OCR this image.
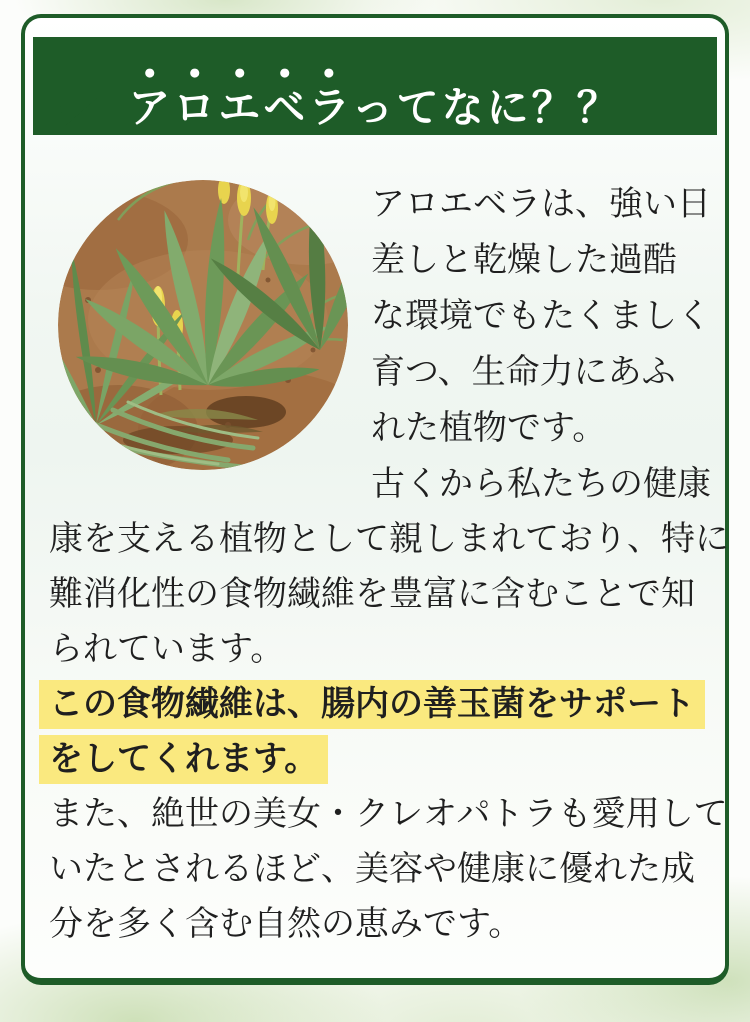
アロエベラってなに？？
アロエベラは、強い日
差しと乾燥した過酷
な環境でもたくましく
育つ、生命力にあふ
れた植物です。
古くから私たちの健康
康を支える植物として親しまれており、特に
難消化性の食物繊維を豊富に含むことで知
られています。
この食物繊維は、腸内の善玉菌をサポート
をしてくれます。
また、絶世の美女・クレオパトラも愛用して
いたとされるほど、美容や健康に優れた成
分を多く含む自然の恵みです。
